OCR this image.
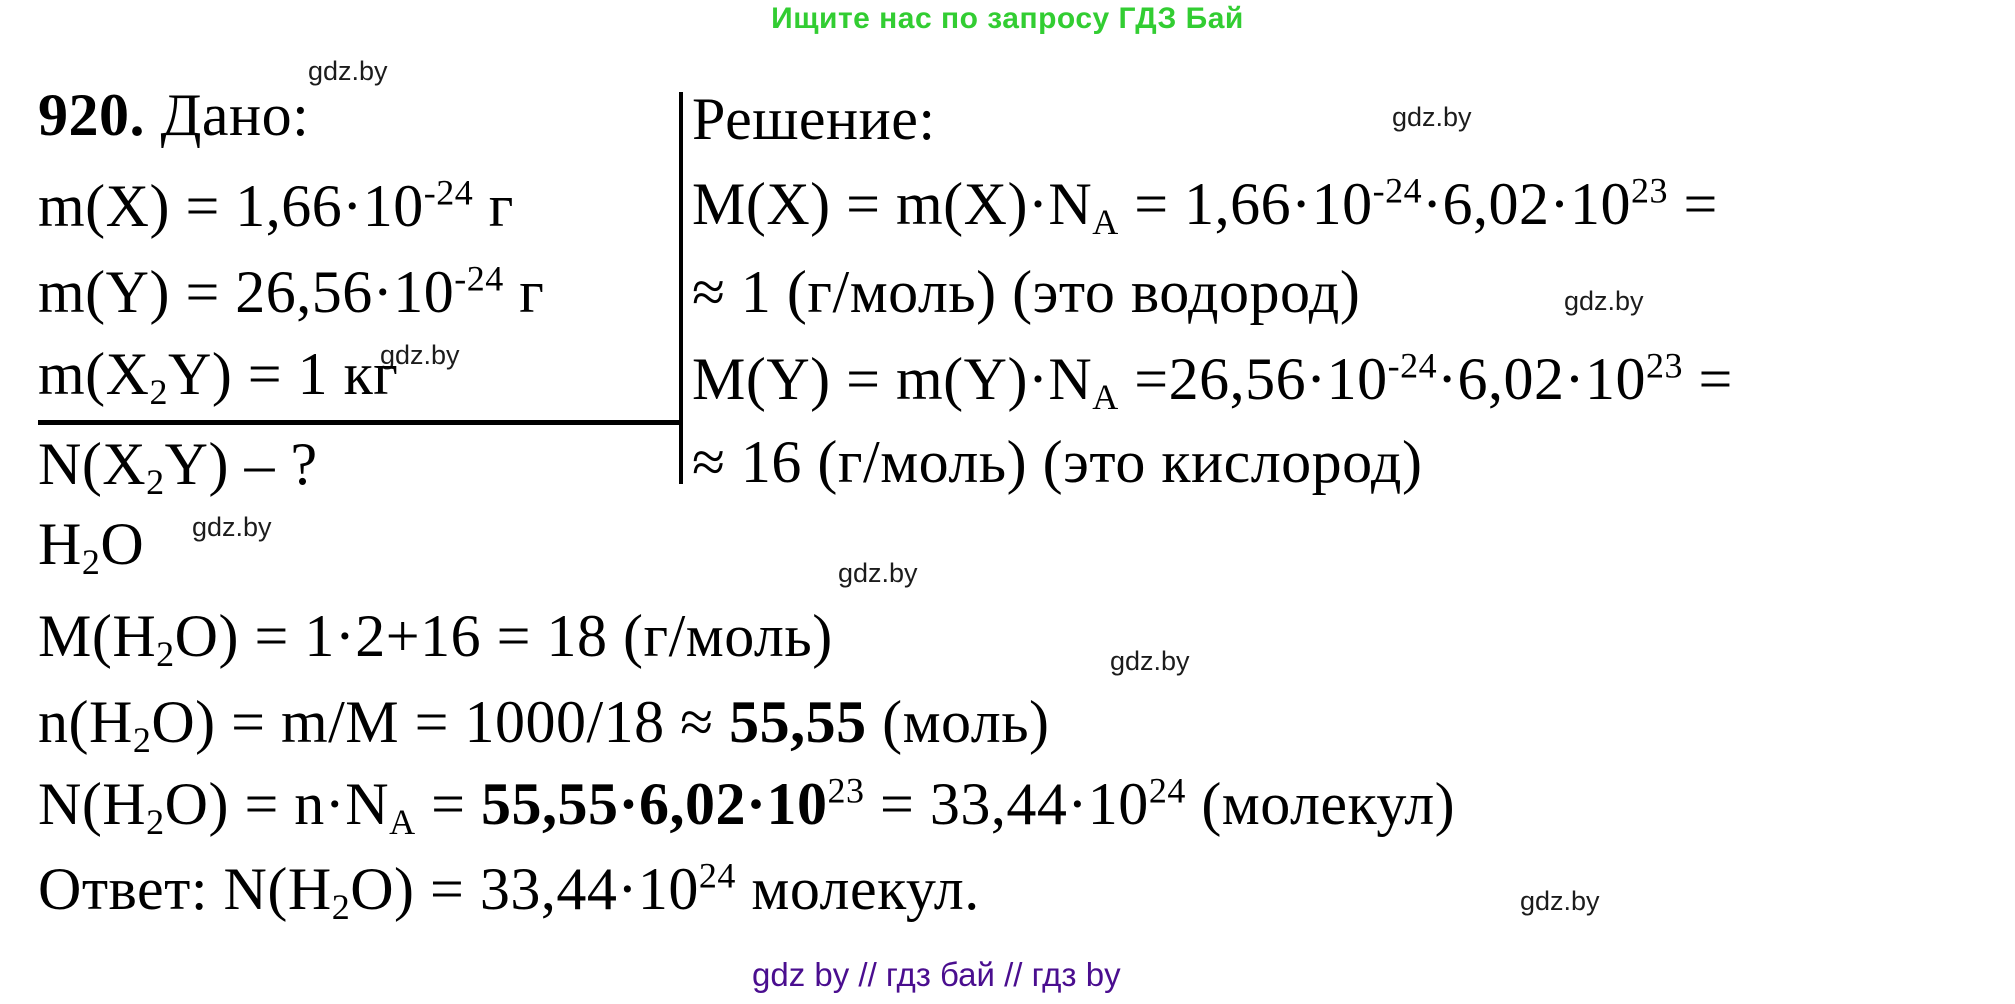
Ищите нас по запросу ГДЗ Бай
gdz.by
gdz.by
gdz.by
gdz.by
gdz.by
gdz.by
gdz.by
gdz.by
920. Дано:
$m(X) = 1,66\cdot 10^{-24}$ г
$m(Y) = 26,56\cdot 10^{-24}$ г
$m(X_2Y) = 1$ кг
$N(X_2Y)$ – ?
$H_2O$
$M(H_2O) = 1\cdot 2+16 = 18$ (г/моль)
$n(H_2O) = m/M = 1000/18 \approx 55,55$ (моль)
$N(H_2O) = n\cdot N_A = 55,55\cdot 6,02\cdot 10^{23} = 33,44\cdot 10^{24}$ (молекул)
Ответ: $N(H_2O) = 33,44\cdot 10^{24}$ молекул.
Решение:
$M(X) = m(X)\cdot N_A = 1,66\cdot 10^{-24}\cdot 6,02\cdot 10^{23}$ =
≈ 1 (г/моль) (это водород)
$M(Y) = m(Y)\cdot N_A =26,56\cdot 10^{-24}\cdot 6,02\cdot 10^{23}$ =
≈ 16 (г/моль) (это кислород)
gdz by // гдз бай // гдз by
